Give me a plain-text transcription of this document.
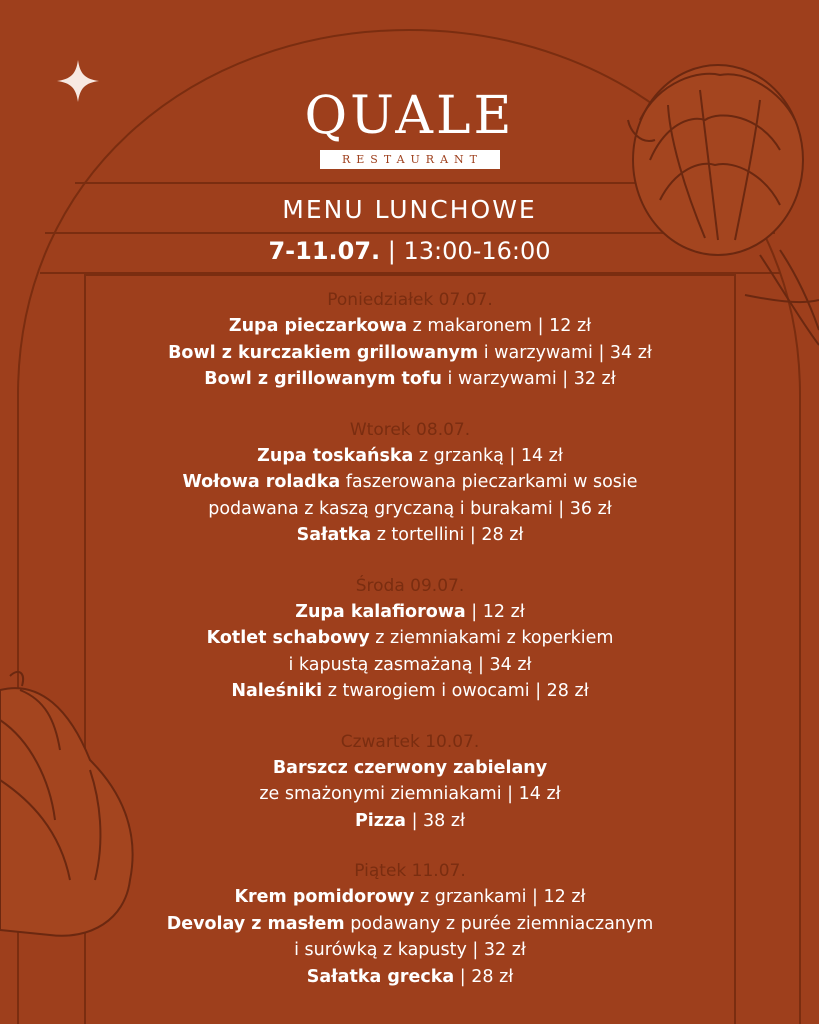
QUALE
RESTAURANT
MENU LUNCHOWE
7-11.07. | 13:00-16:00
Poniedziałek 07.07.
Zupa pieczarkowa z makaronem | 12 zł
Bowl z kurczakiem grillowanym i warzywami | 34 zł
Bowl z grillowanym tofu i warzywami | 32 zł
Wtorek 08.07.
Zupa toskańska z grzanką | 14 zł
Wołowa roladka faszerowana pieczarkami w sosie
podawana z kaszą gryczaną i burakami | 36 zł
Sałatka z tortellini | 28 zł
Środa 09.07.
Zupa kalafiorowa | 12 zł
Kotlet schabowy z ziemniakami z koperkiem
i kapustą zasmażaną | 34 zł
Naleśniki z twarogiem i owocami | 28 zł
Czwartek 10.07.
Barszcz czerwony zabielany
ze smażonymi ziemniakami | 14 zł
Pizza | 38 zł
Piątek 11.07.
Krem pomidorowy z grzankami | 12 zł
Devolay z masłem podawany z purée ziemniaczanym
i surówką z kapusty | 32 zł
Sałatka grecka | 28 zł
